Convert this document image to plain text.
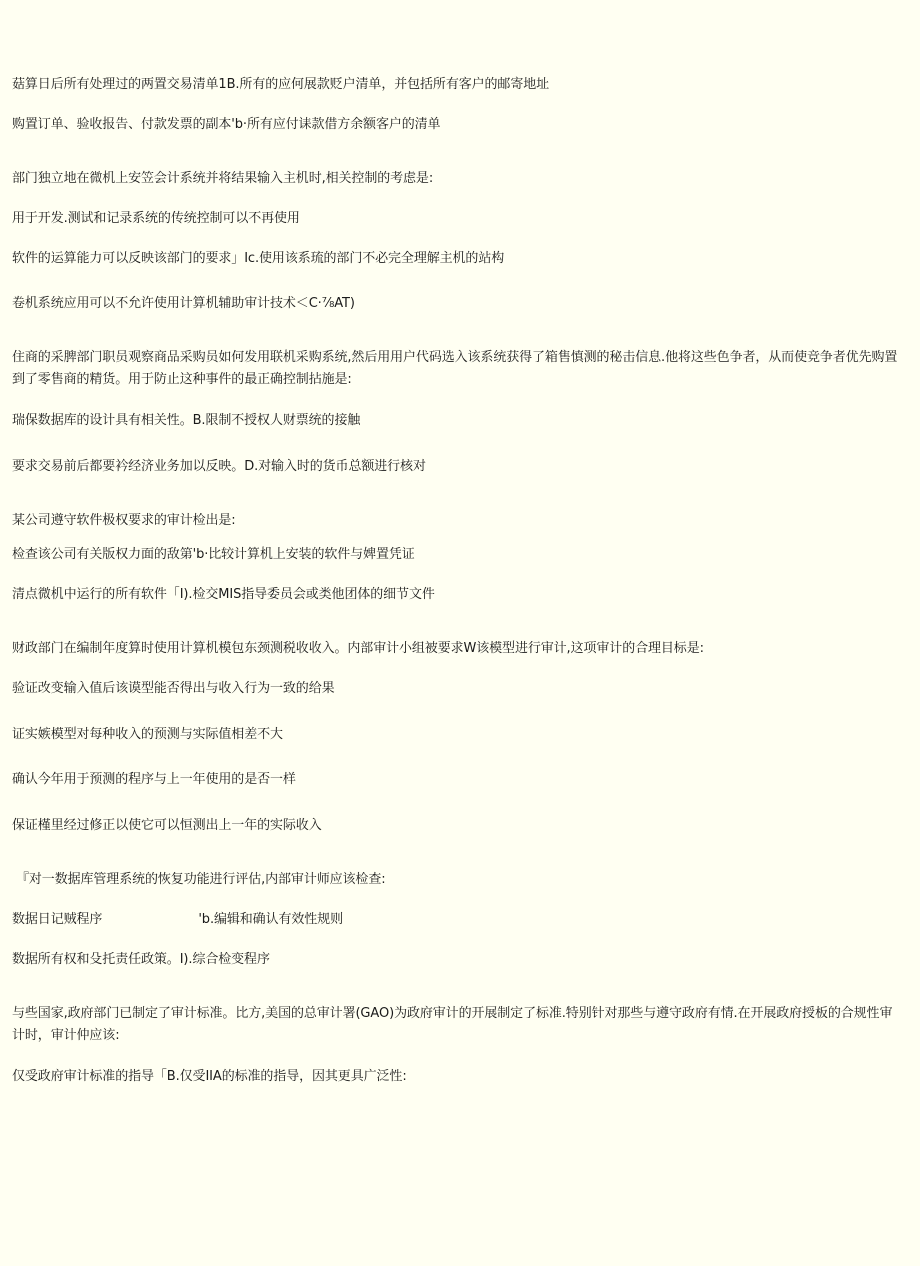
菇算日后所有处理过的两置交易清单1B.所有的应何展款贬户清单，并包括所有客户的邮寄地址
购置订单、验收报告、付款发票的副本'b·所有应付诔款借方余额客户的清单
部门独立地在微机上安笠会计系统并将结果输入主机时,相关控制的考虑是:
用于开发.测试和记录系统的传统控制可以不再使用
软件的运算能力可以反映该部门的要求」Ic.使用该系琉的部门不必完全理解主机的站构
卷机系统应用可以不允许使用计算机辅助审计技术＜C·⅞AT)
住商的采脾部门职员观察商品采购员如何发用联机采购系统,然后用用户代码选入该系统获得了箱售慎测的秘击信息.他将这些色争者，从而使竞争者优先购置到了零售商的精货。用于防止这种事件的最正确控制拈施是:
瑞保数据库的设计具有相关性。B.限制不授权人财票统的接触
要求交易前后都要衿经济业务加以反映。D.对输入时的货币总额进行核对
某公司遵守软件极权要求的审计检出是:
检查该公司有关版权力面的敌第'b·比较计算机上安装的软件与婢置凭证
清点微机中运行的所有软件「I).检交MIS指导委员会或类他团体的细节文件
财政部门在编制年度算时使用计算机模包东颈测税收收入。内部审计小组被要求W该模型进行审计,这项审计的合理目标是:
验证改变输入值后该谟型能否得出与收入行为一致的给果
证实嫉模型对每种收入的预测与实际值相差不大
确认今年用于预测的程序与上一年使用的是否一样
保证槿里经过修正以使它可以恒测出上一年的实际收入
『对一数据库管理系统的恢复功能进行评估,内部审计师应该检查:
数据日记贼程序	'b.编辑和确认有效性规则
数据所有权和殳托责任政策。I).综合检变程序
与些国家,政府部门已制定了审计标准。比方,美国的总审计署(GAO)为政府审计的开展制定了标准.特别针对那些与遵守政府有情.在开展政府授板的合规性审计时，审计仲应该:
仅受政府审计标准的指导「B.仅受IIA的标准的指导，因其更具广泛性:
